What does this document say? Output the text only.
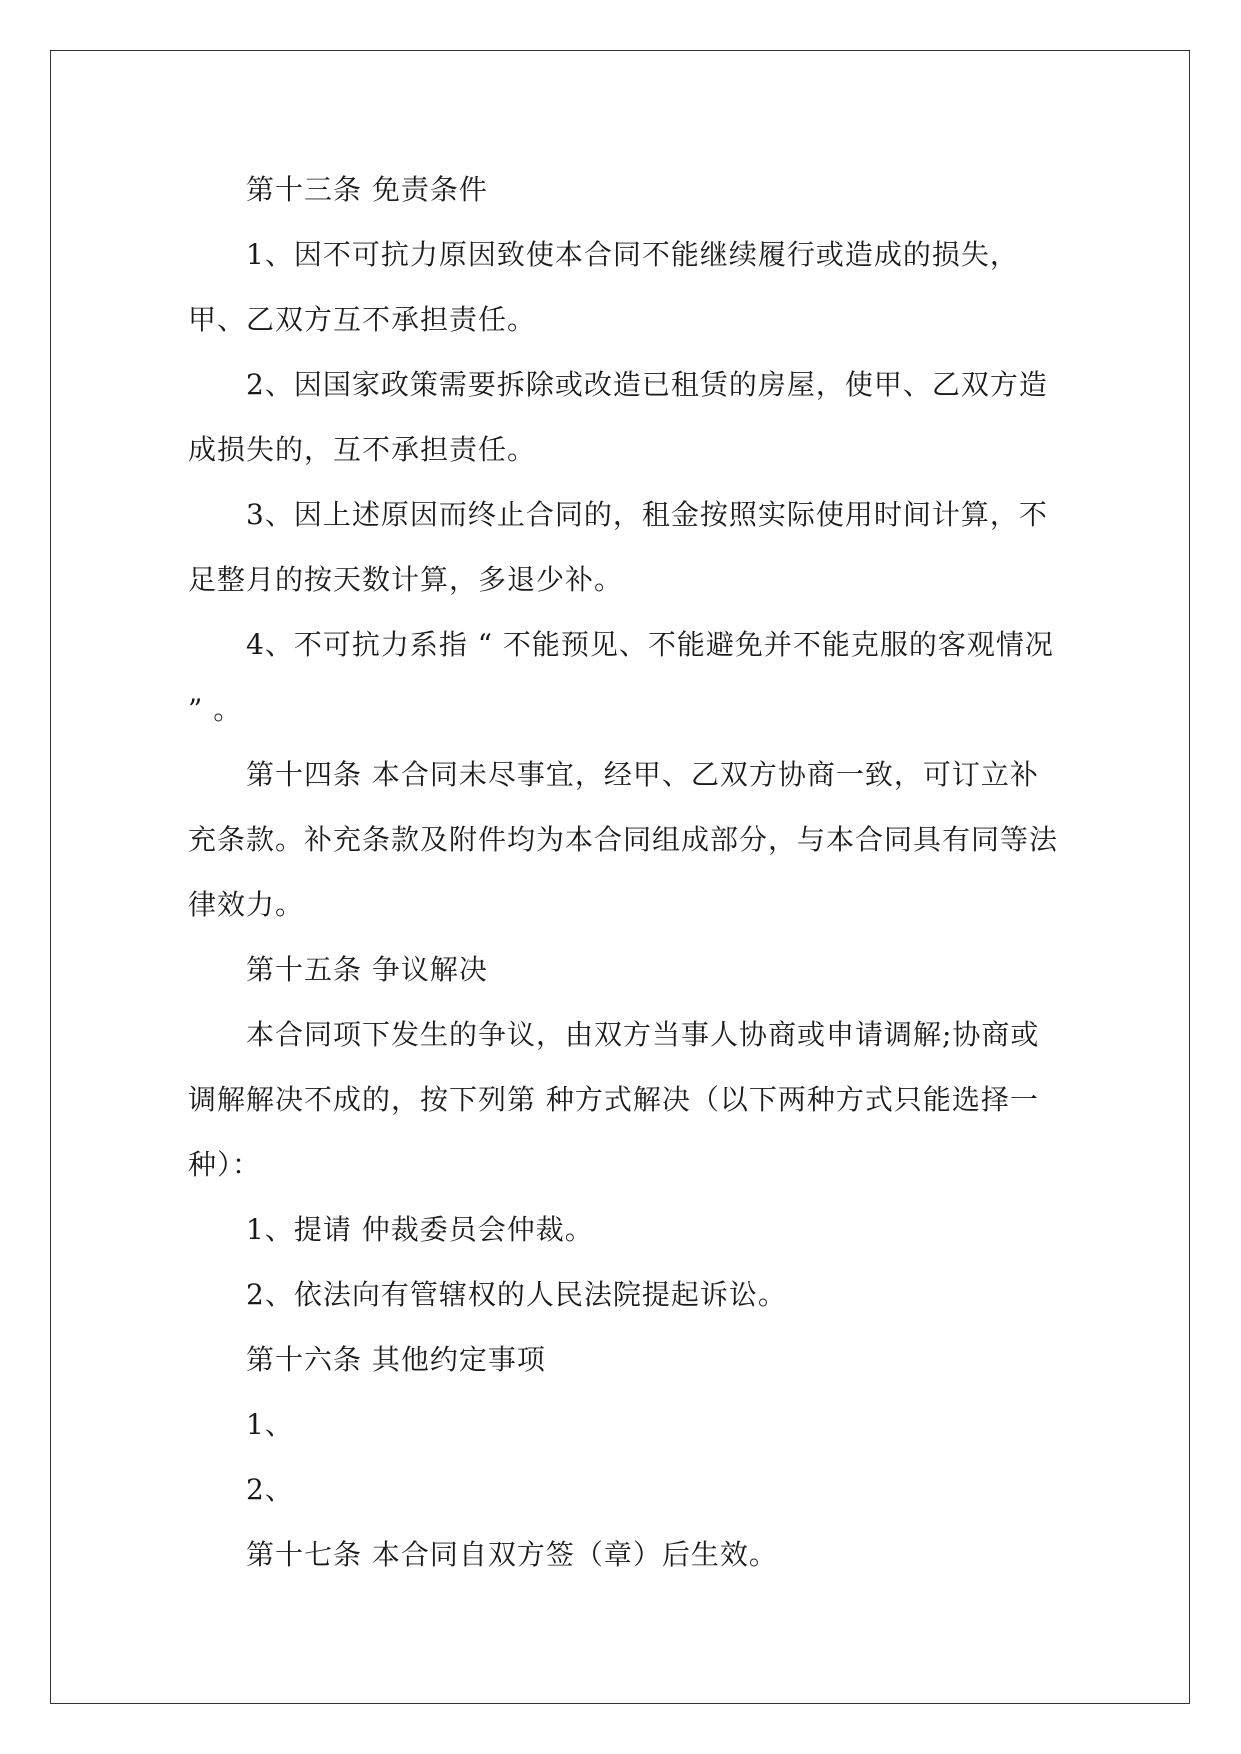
第十三条 免责条件

1、因不可抗力原因致使本合同不能继续履行或造成的损失，甲、乙双方互不承担责任。

2、因国家政策需要拆除或改造已租赁的房屋，使甲、乙双方造成损失的，互不承担责任。

3、因上述原因而终止合同的，租金按照实际使用时间计算，不足整月的按天数计算，多退少补。

4、不可抗力系指 “ 不能预见、不能避免并不能克服的客观情况 ” 。

第十四条 本合同未尽事宜，经甲、乙双方协商一致，可订立补充条款。补充条款及附件均为本合同组成部分，与本合同具有同等法律效力。

第十五条 争议解决

本合同项下发生的争议，由双方当事人协商或申请调解;协商或调解解决不成的，按下列第 种方式解决（以下两种方式只能选择一种）：

1、提请 仲裁委员会仲裁。

2、依法向有管辖权的人民法院提起诉讼。

第十六条 其他约定事项

1、

2、

第十七条 本合同自双方签（章）后生效。
